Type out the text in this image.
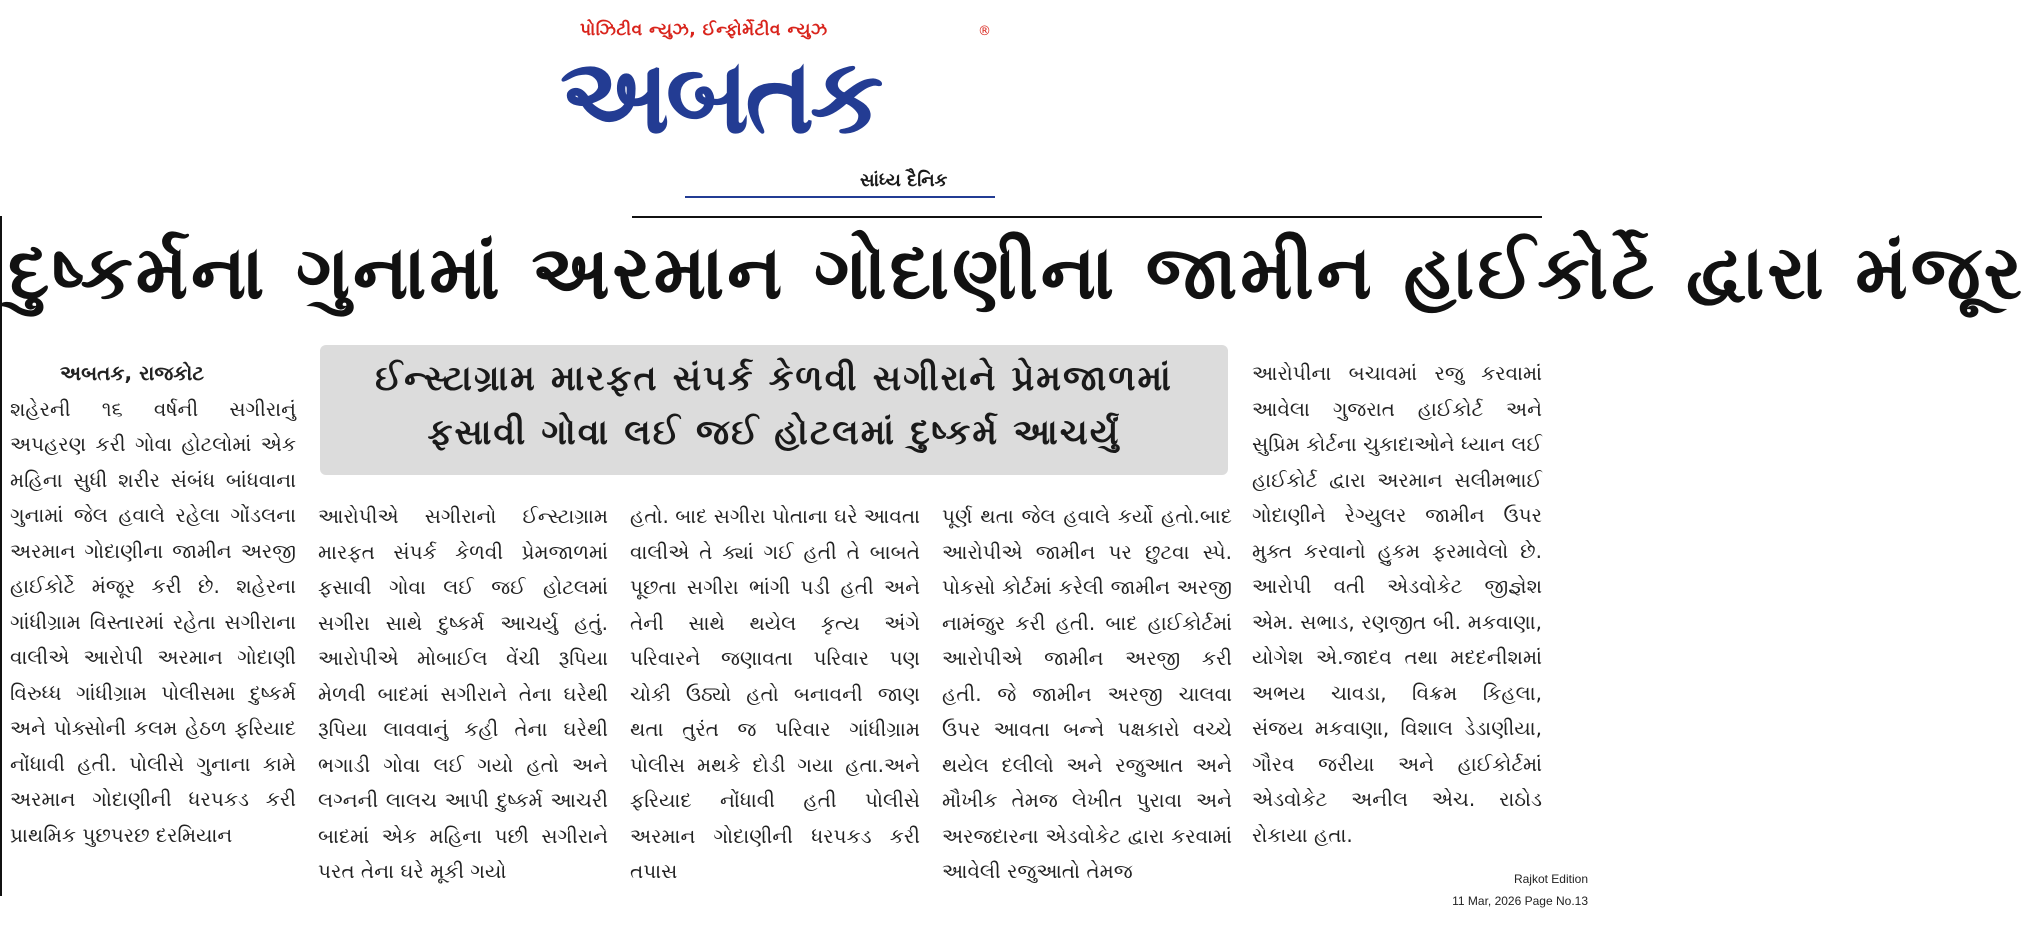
પોઝિટીવ ન્યુઝ, ઈન્ફોર્મેટીવ ન્યુઝ	®
અબતક
સાંધ્ય દૈનિક
દુષ્કર્મના ગુનામાં અરમાન ગોદાણીના જામીન હાઈકોર્ટે દ્વારા મંજૂર
ઈન્સ્ટાગ્રામ મારફત સંપર્ક કેળવી સગીરાને પ્રેમજાળમાં
ફસાવી ગોવા લઈ જઈ હોટલમાં દુષ્કર્મ આચર્યું
અબતક, રાજકોટ
શહેરની ૧૬ વર્ષની સગીરાનું અપહરણ કરી ગોવા હોટલોમાં એક મહિના સુધી શરીર સંબંધ બાંધવાના ગુનામાં જેલ હવાલે રહેલા ગોંડલના અરમાન ગોદાણીના જામીન અરજી હાઈકોર્ટે મંજૂર કરી છે. શહેરના ગાંધીગ્રામ વિસ્તારમાં રહેતા સગીરાના વાલીએ આરોપી અરમાન ગોદાણી વિરુધ્ધ ગાંધીગ્રામ પોલીસમા દુષ્કર્મ અને પોક્સોની કલમ હેઠળ ફરિયાદ નોંધાવી હતી. પોલીસે ગુનાના કામે અરમાન ગોદાણીની ધરપકડ કરી પ્રાથમિક પુછપરછ દરમિયાન
આરોપીએ સગીરાનો ઈન્સ્ટાગ્રામ મારફત સંપર્ક કેળવી પ્રેમજાળમાં ફસાવી ગોવા લઈ જઈ હોટલમાં સગીરા સાથે દુષ્કર્મ આચર્યુ હતું. આરોપીએ મોબાઈલ વેંચી રૂપિયા મેળવી બાદમાં સગીરાને તેના ઘરેથી રૂપિયા લાવવાનું કહી તેના ઘરેથી ભગાડી ગોવા લઈ ગયો હતો અને લગ્નની લાલચ આપી દુષ્કર્મ આચરી બાદમાં એક મહિના પછી સગીરાને પરત તેના ઘરે મૂકી ગયો
હતો. બાદ સગીરા પોતાના ઘરે આવતા વાલીએ તે ક્યાં ગઈ હતી તે બાબતે પૂછતા સગીરા ભાંગી પડી હતી અને તેની સાથે થયેલ કૃત્ય અંગે પરિવારને જણાવતા પરિવાર પણ ચોકી ઉઠ્યો હતો બનાવની જાણ થતા તુરંત જ પરિવાર ગાંધીગ્રામ પોલીસ મથકે દોડી ગયા હતા.અને ફરિયાદ નોંધાવી હતી પોલીસે અરમાન ગોદાણીની ધરપકડ કરી તપાસ
પૂર્ણ થતા જેલ હવાલે કર્યો હતો.બાદ આરોપીએ જામીન પર છુટવા સ્પે. પોકસો કોર્ટમાં કરેલી જામીન અરજી નામંજુર કરી હતી. બાદ હાઈકોર્ટમાં આરોપીએ જામીન અરજી કરી હતી. જે જામીન અરજી ચાલવા ઉપર આવતા બન્ને પક્ષકારો વચ્ચે થયેલ દલીલો અને રજુઆત અને મૌખીક તેમજ લેખીત પુરાવા અને અરજદારના એડવોકેટ દ્વારા કરવામાં આવેલી રજુઆતો તેમજ
આરોપીના બચાવમાં રજુ કરવામાં આવેલા ગુજરાત હાઈકોર્ટ અને સુપ્રિમ કોર્ટના ચુકાદાઓને ધ્યાન લઈ હાઈકોર્ટ દ્વારા અરમાન સલીમભાઈ ગોદાણીને રેગ્યુલર જામીન ઉપર મુક્ત કરવાનો હુકમ ફરમાવેલો છે. આરોપી વતી એડવોકેટ જીજ્ઞેશ એમ. સભાડ, રણજીત બી. મકવાણા, યોગેશ એ.જાદવ તથા મદદનીશમાં અભય ચાવડા, વિક્રમ કિહલા, સંજય મકવાણા, વિશાલ ડેડાણીયા, ગૌરવ જરીયા અને હાઈકોર્ટમાં એડવોકેટ અનીલ એચ. રાઠોડ રોકાયા હતા.
Rajkot Edition
11 Mar, 2026 Page No.13
